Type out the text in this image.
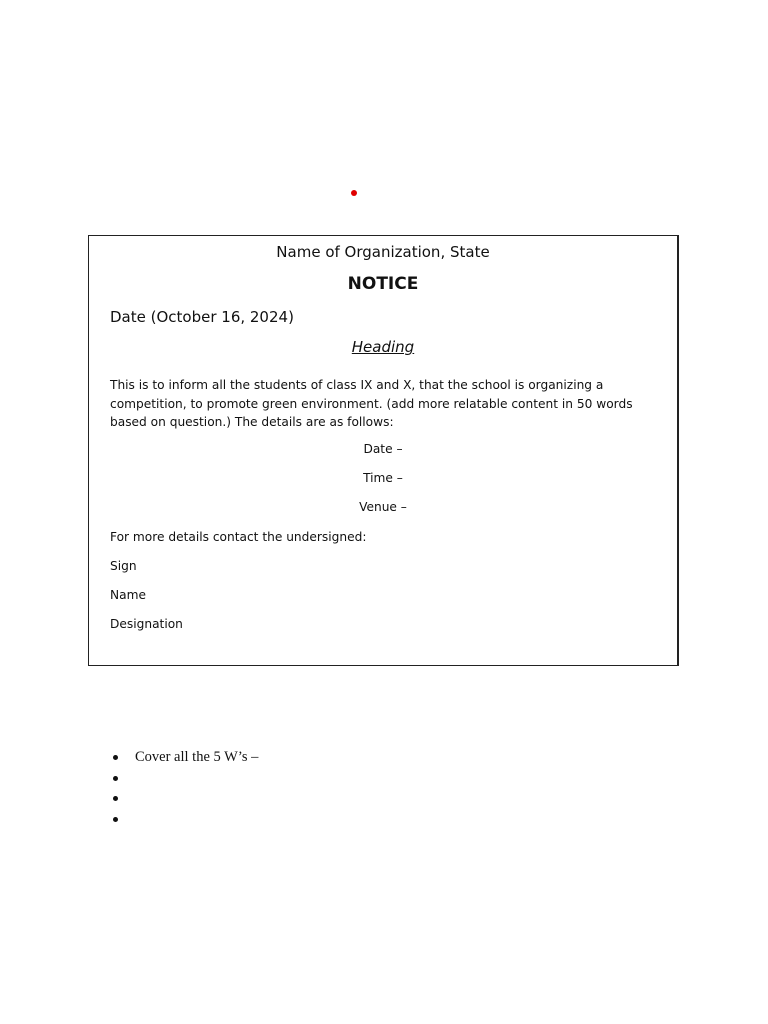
Name of Organization, State
NOTICE
Date (October 16, 2024)
Heading
This is to inform all the students of class IX and X, that the school is organizing a competition, to promote green environment. (add more relatable content in 50 words based on question.) The details are as follows:
Date –
Time –
Venue –
For more details contact the undersigned:
Sign
Name
Designation
Cover all the 5 W’s –
